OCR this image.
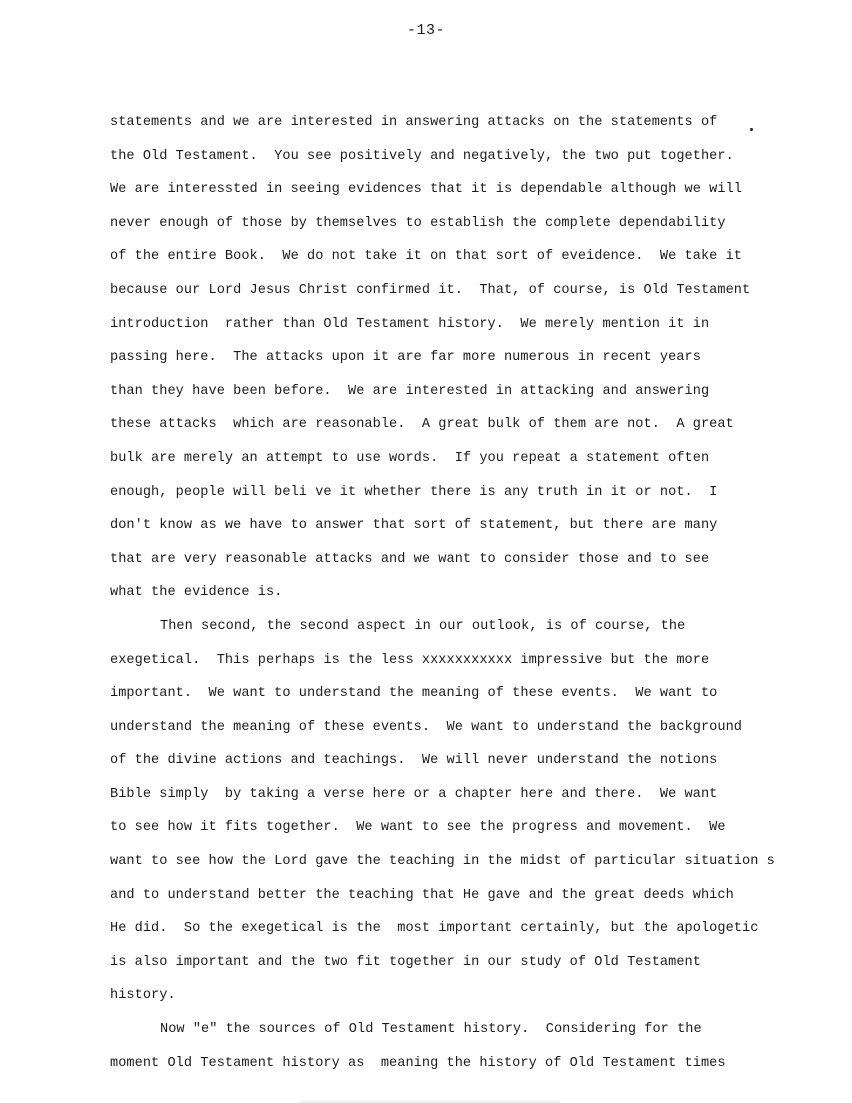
-13-
statements and we are interested in answering attacks on the statements of
the Old Testament.  You see positively and negatively, the two put together.
We are interessted in seeing evidences that it is dependable although we will
never enough of those by themselves to establish the complete dependability
of the entire Book.  We do not take it on that sort of eveidence.  We take it
because our Lord Jesus Christ confirmed it.  That, of course, is Old Testament
introduction  rather than Old Testament history.  We merely mention it in
passing here.  The attacks upon it are far more numerous in recent years
than they have been before.  We are interested in attacking and answering
these attacks  which are reasonable.  A great bulk of them are not.  A great
bulk are merely an attempt to use words.  If you repeat a statement often
enough, people will beli ve it whether there is any truth in it or not.  I
don't know as we have to answer that sort of statement, but there are many
that are very reasonable attacks and we want to consider those and to see
what the evidence is.
Then second, the second aspect in our outlook, is of course, the
exegetical.  This perhaps is the less xxxxxxxxxxx impressive but the more
important.  We want to understand the meaning of these events.  We want to
understand the meaning of these events.  We want to understand the background
of the divine actions and teachings.  We will never understand the notions
Bible simply  by taking a verse here or a chapter here and there.  We want
to see how it fits together.  We want to see the progress and movement.  We
want to see how the Lord gave the teaching in the midst of particular situation s
and to understand better the teaching that He gave and the great deeds which
He did.  So the exegetical is the  most important certainly, but the apologetic
is also important and the two fit together in our study of Old Testament
history.
Now "e" the sources of Old Testament history.  Considering for the
moment Old Testament history as  meaning the history of Old Testament times
